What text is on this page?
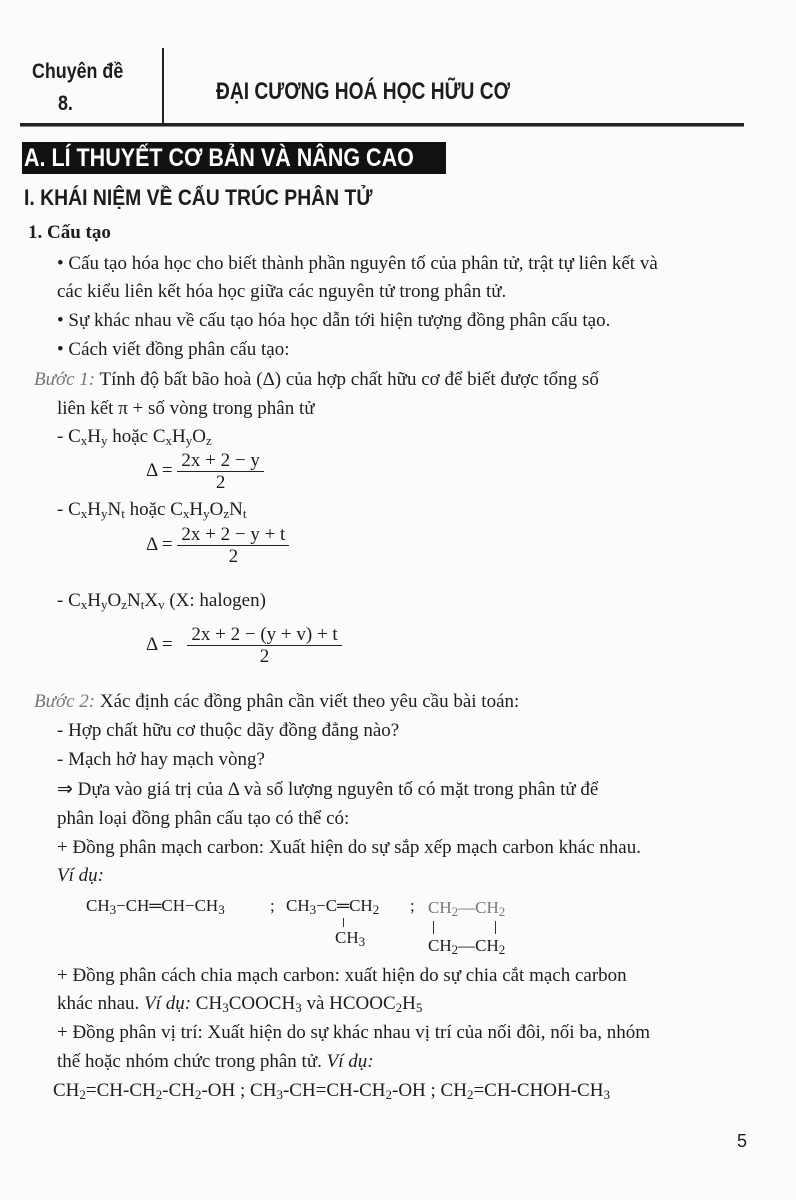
Chuyên đề
8.	ĐẠI CƯƠNG HOÁ HỌC HỮU CƠ
A. LÍ THUYẾT CƠ BẢN VÀ NÂNG CAO
I. KHÁI NIỆM VỀ CẤU TRÚC PHÂN TỬ
1. Cấu tạo
• Cấu tạo hóa học cho biết thành phần nguyên tố của phân tử, trật tự liên kết và
các kiểu liên kết hóa học giữa các nguyên tử trong phân tử.
• Sự khác nhau về cấu tạo hóa học dẫn tới hiện tượng đồng phân cấu tạo.
• Cách viết đồng phân cấu tạo:
Bước 1: Tính độ bất bão hoà (Δ) của hợp chất hữu cơ để biết được tổng số
liên kết π + số vòng trong phân tử
- $C_xH_y$ hoặc $C_xH_yO_z$
$\Delta = \frac{2x + 2 - y}{2}$
- $C_xH_yN_t$ hoặc $C_xH_yO_zN_t$
$\Delta = \frac{2x + 2 - y + t}{2}$
- $C_xH_yO_zN_tX_v$ (X: halogen)
$\Delta = \frac{2x + 2 - (y + v) + t}{2}$
Bước 2: Xác định các đồng phân cần viết theo yêu cầu bài toán:
- Hợp chất hữu cơ thuộc dãy đồng đẳng nào?
- Mạch hở hay mạch vòng?
⇒ Dựa vào giá trị của Δ và số lượng nguyên tố có mặt trong phân tử để
phân loại đồng phân cấu tạo có thể có:
+ Đồng phân mạch carbon: Xuất hiện do sự sắp xếp mạch carbon khác nhau.
Ví dụ:
$CH_3-CH═CH-CH_3$	; $CH_3-C═CH_2$
$CH_3$
; $CH_2—CH_2$
$CH_2—CH_2$
+ Đồng phân cách chia mạch carbon: xuất hiện do sự chia cắt mạch carbon
khác nhau. Ví dụ: $CH_3COOCH_3$ và $HCOOC_2H_5$
+ Đồng phân vị trí: Xuất hiện do sự khác nhau vị trí của nối đôi, nối ba, nhóm
thế hoặc nhóm chức trong phân tử. Ví dụ:
$CH_2=CH-CH_2-CH_2-OH$ ; $CH_3-CH=CH-CH_2-OH$ ; $CH_2=CH-CHOH-CH_3$
5
